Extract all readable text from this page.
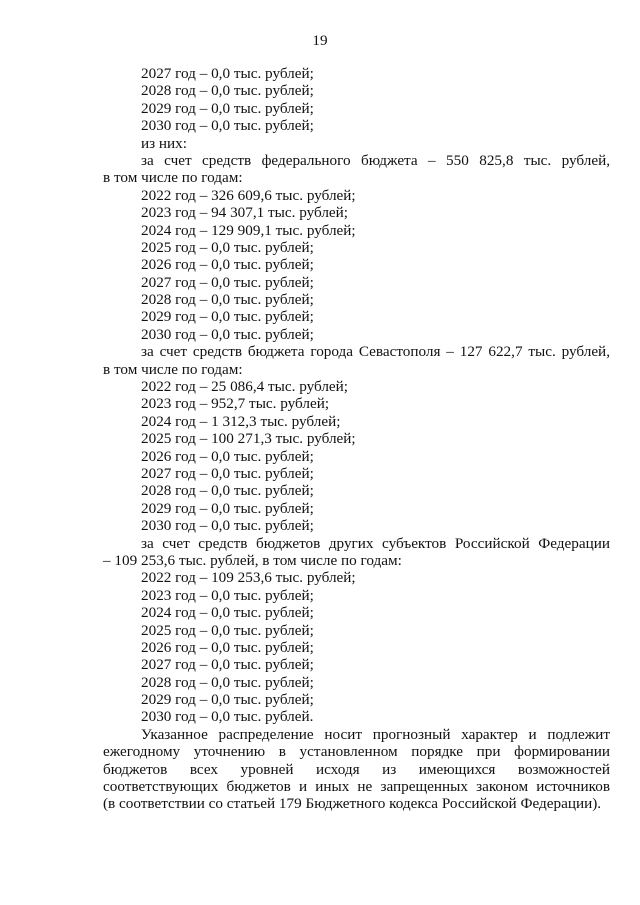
19
2027 год – 0,0 тыс. рублей;
2028 год – 0,0 тыс. рублей;
2029 год – 0,0 тыс. рублей;
2030 год – 0,0 тыс. рублей;
из них:
за счет средств федерального бюджета – 550 825,8 тыс. рублей,
в том числе по годам:
2022 год – 326 609,6 тыс. рублей;
2023 год – 94 307,1 тыс. рублей;
2024 год – 129 909,1 тыс. рублей;
2025 год – 0,0 тыс. рублей;
2026 год – 0,0 тыс. рублей;
2027 год – 0,0 тыс. рублей;
2028 год – 0,0 тыс. рублей;
2029 год – 0,0 тыс. рублей;
2030 год – 0,0 тыс. рублей;
за счет средств бюджета города Севастополя – 127 622,7 тыс. рублей,
в том числе по годам:
2022 год – 25 086,4 тыс. рублей;
2023 год – 952,7 тыс. рублей;
2024 год – 1 312,3 тыс. рублей;
2025 год – 100 271,3 тыс. рублей;
2026 год – 0,0 тыс. рублей;
2027 год – 0,0 тыс. рублей;
2028 год – 0,0 тыс. рублей;
2029 год – 0,0 тыс. рублей;
2030 год – 0,0 тыс. рублей;
за счет средств бюджетов других субъектов Российской Федерации
– 109 253,6 тыс. рублей, в том числе по годам:
2022 год – 109 253,6 тыс. рублей;
2023 год – 0,0 тыс. рублей;
2024 год – 0,0 тыс. рублей;
2025 год – 0,0 тыс. рублей;
2026 год – 0,0 тыс. рублей;
2027 год – 0,0 тыс. рублей;
2028 год – 0,0 тыс. рублей;
2029 год – 0,0 тыс. рублей;
2030 год – 0,0 тыс. рублей.
Указанное распределение носит прогнозный характер и подлежит
ежегодному уточнению в установленном порядке при формировании
бюджетов всех уровней исходя из имеющихся возможностей
соответствующих бюджетов и иных не запрещенных законом источников
(в соответствии со статьей 179 Бюджетного кодекса Российской Федерации).
